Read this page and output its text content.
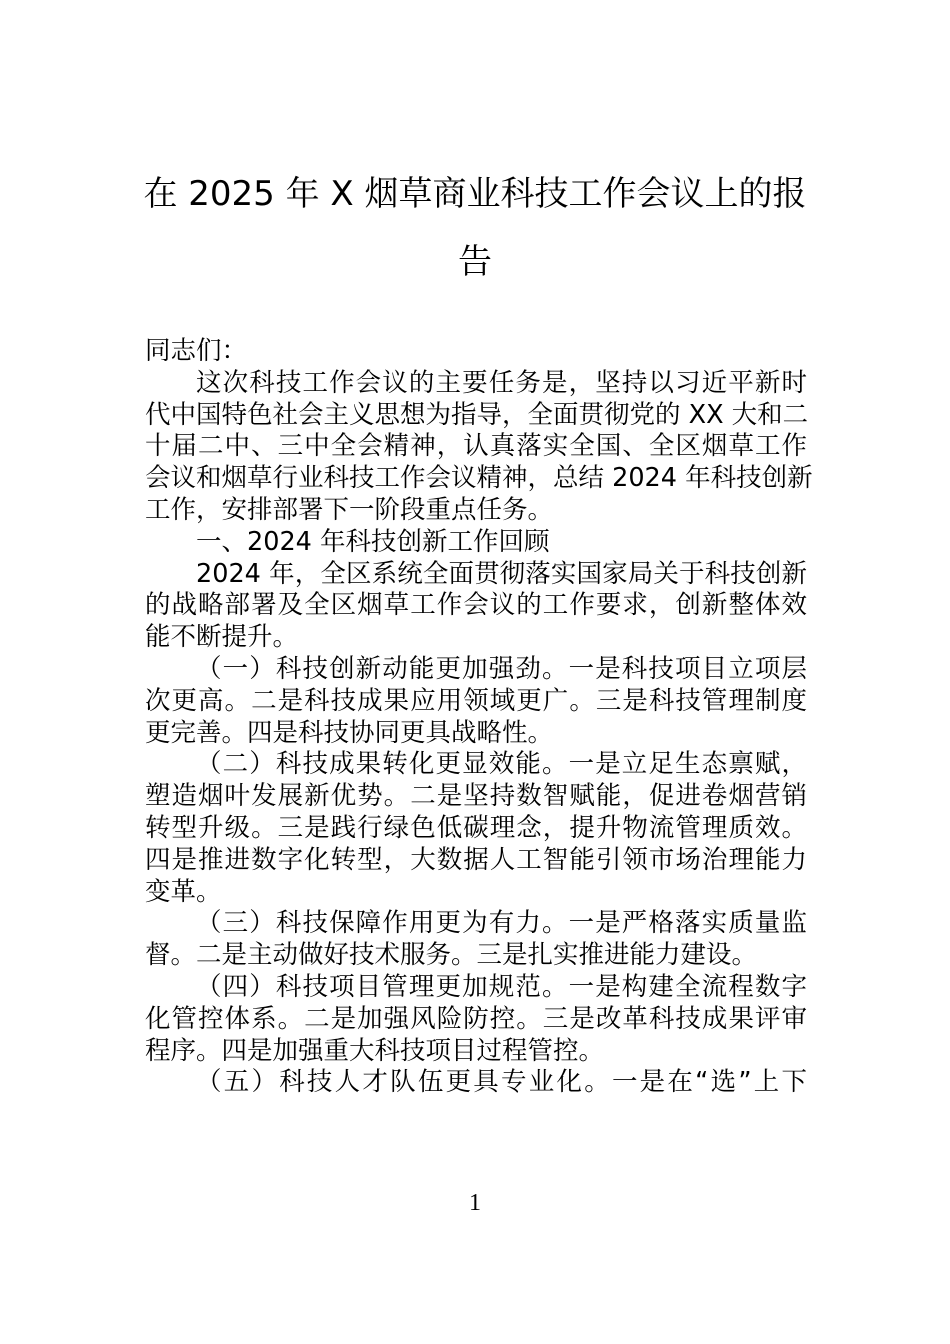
在 2025 年 X 烟草商业科技工作会议上的报
告
同志们：
这次科技工作会议的主要任务是，坚持以习近平新时
代中国特色社会主义思想为指导，全面贯彻党的 XX 大和二
十届二中、三中全会精神，认真落实全国、全区烟草工作
会议和烟草行业科技工作会议精神，总结 2024 年科技创新
工作，安排部署下一阶段重点任务。
一、2024 年科技创新工作回顾
2024 年，全区系统全面贯彻落实国家局关于科技创新
的战略部署及全区烟草工作会议的工作要求，创新整体效
能不断提升。
（一）科技创新动能更加强劲。一是科技项目立项层
次更高。二是科技成果应用领域更广。三是科技管理制度
更完善。四是科技协同更具战略性。
（二）科技成果转化更显效能。一是立足生态禀赋，
塑造烟叶发展新优势。二是坚持数智赋能，促进卷烟营销
转型升级。三是践行绿色低碳理念，提升物流管理质效。
四是推进数字化转型，大数据人工智能引领市场治理能力
变革。
（三）科技保障作用更为有力。一是严格落实质量监
督。二是主动做好技术服务。三是扎实推进能力建设。
（四）科技项目管理更加规范。一是构建全流程数字
化管控体系。二是加强风险防控。三是改革科技成果评审
程序。四是加强重大科技项目过程管控。
（五）科技人才队伍更具专业化。一是在“选”上下
1
